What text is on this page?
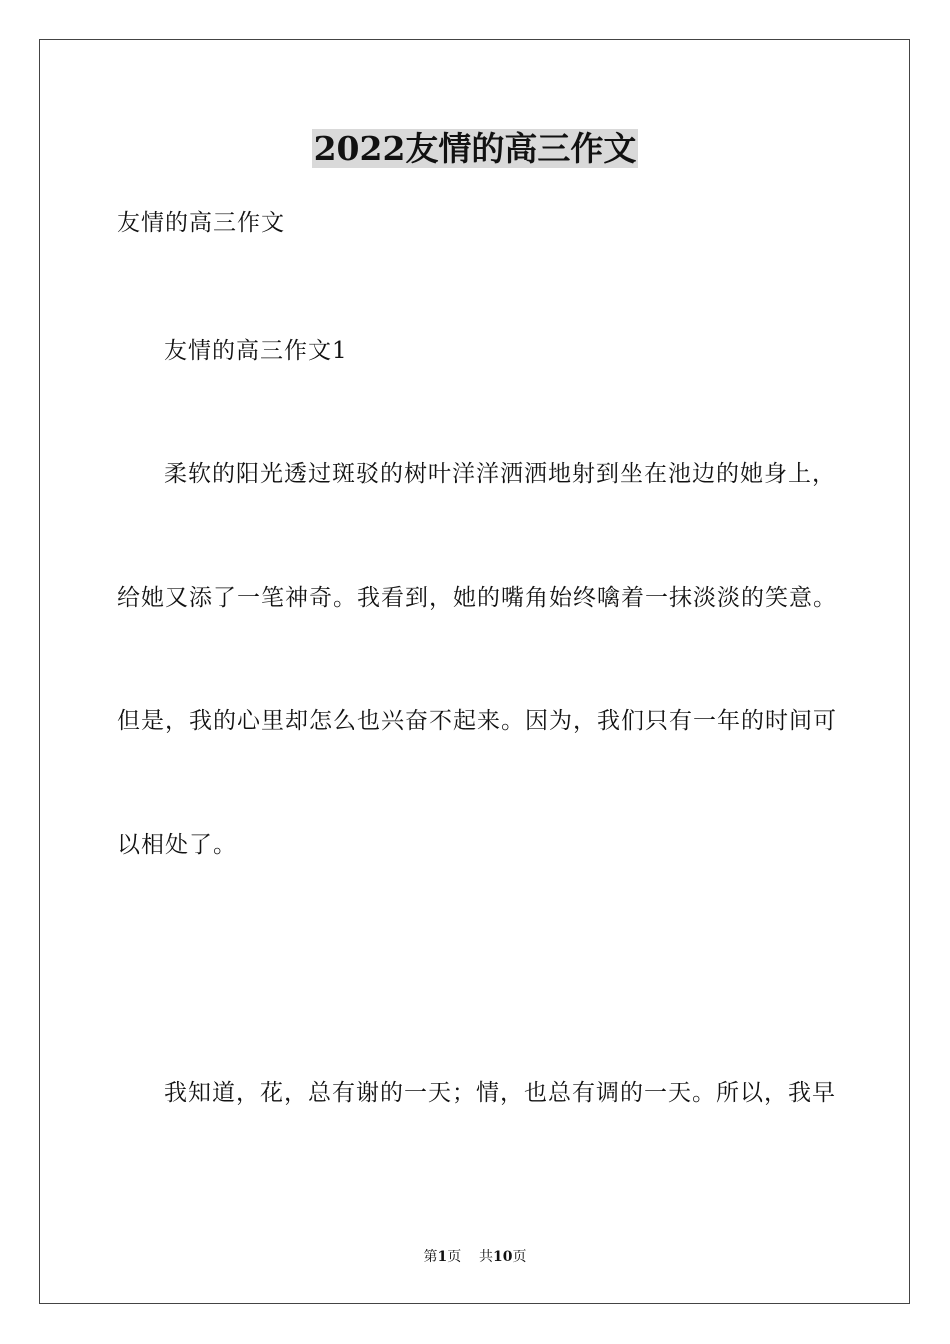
2022友情的高三作文
友情的高三作文
友情的高三作文1
柔软的阳光透过斑驳的树叶洋洋洒洒地射到坐在池边的她身上，
给她又添了一笔神奇。我看到，她的嘴角始终噙着一抹淡淡的笑意。
但是，我的心里却怎么也兴奋不起来。因为，我们只有一年的时间可
以相处了。
我知道，花，总有谢的一天；情，也总有调的一天。所以，我早
第1页 共10页
